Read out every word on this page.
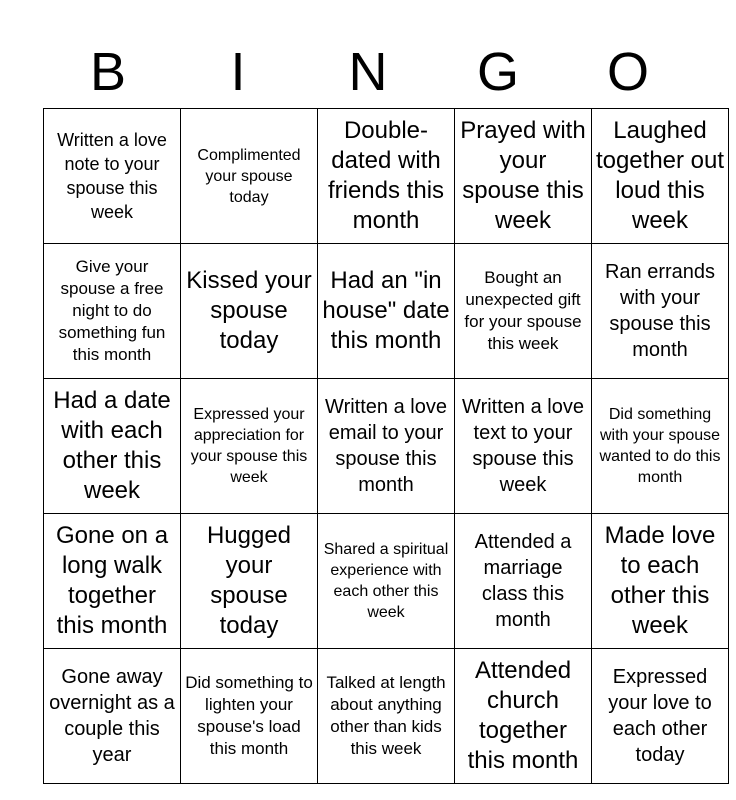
B	I	N	G	O
Written a love note to your spouse this week	Complimented your spouse today	Double-dated with friends this month	Prayed with your spouse this week	Laughed together out loud this week
Give your spouse a free night to do something fun this month	Kissed your spouse today	Had an "in house" date this month	Bought an unexpected gift for your spouse this week	Ran errands with your spouse this month
Had a date with each other this week	Expressed your appreciation for your spouse this week	Written a love email to your spouse this month	Written a love text to your spouse this week	Did something with your spouse wanted to do this month
Gone on a long walk together this month	Hugged your spouse today	Shared a spiritual experience with each other this week	Attended a marriage class this month	Made love to each other this week
Gone away overnight as a couple this year	Did something to lighten your spouse's load this month	Talked at length about anything other than kids this week	Attended church together this month	Expressed your love to each other today
